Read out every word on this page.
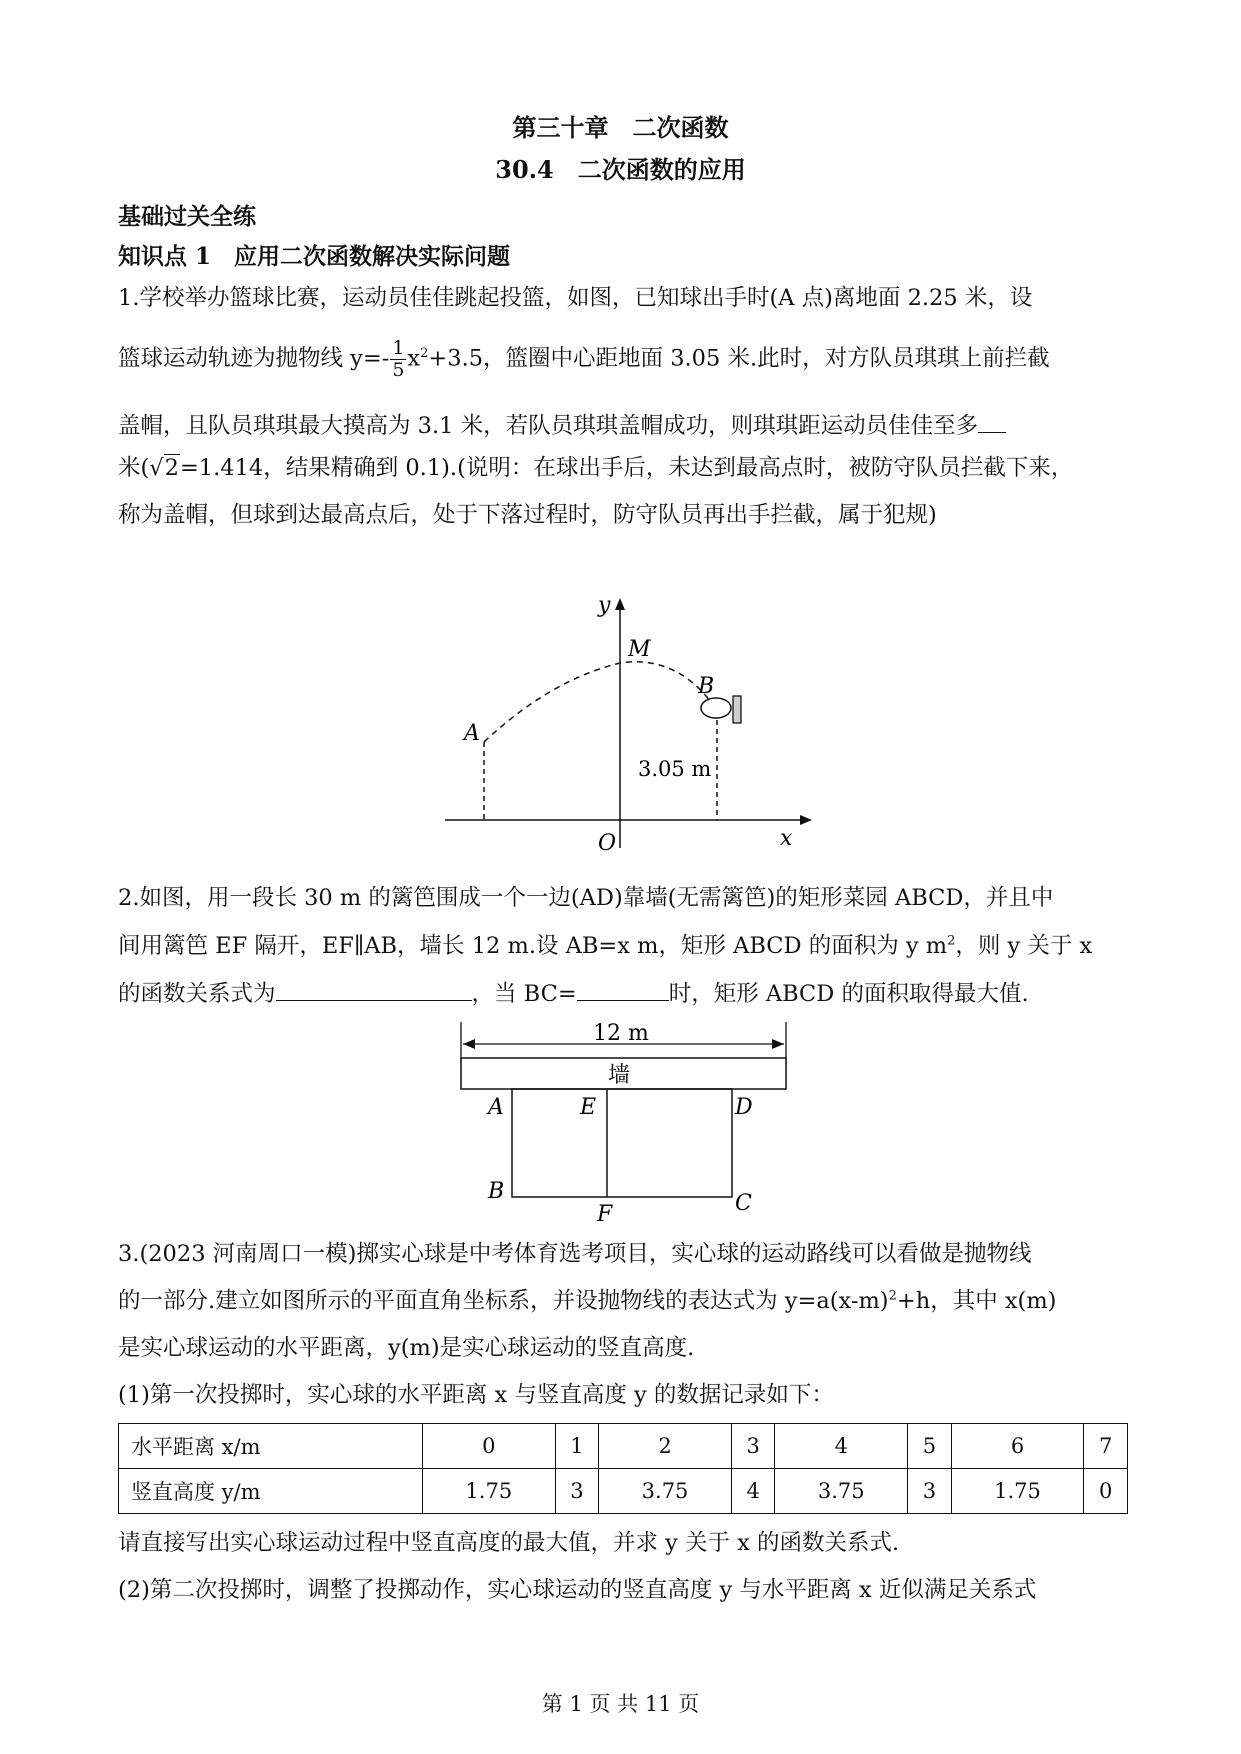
第三十章　二次函数
30.4　二次函数的应用
基础过关全练
知识点 1　应用二次函数解决实际问题
1.学校举办篮球比赛，运动员佳佳跳起投篮，如图，已知球出手时(A 点)离地面 2.25 米，设
篮球运动轨迹为抛物线 $y=- \frac{1}{5} x^2+3.5$，篮圈中心距地面 3.05 米.此时，对方队员琪琪上前拦截
盖帽，且队员琪琪最大摸高为 3.1 米，若队员琪琪盖帽成功，则琪琪距运动员佳佳至多
米(√2=1.414，结果精确到 0.1).(说明：在球出手后，未达到最高点时，被防守队员拦截下来，
称为盖帽，但球到达最高点后，处于下落过程时，防守队员再出手拦截，属于犯规)
y
x
O
M
A
B
3.05 m
2.如图，用一段长 30 m 的篱笆围成一个一边(AD)靠墙(无需篱笆)的矩形菜园 ABCD，并且中
间用篱笆 EF 隔开，EF∥AB，墙长 12 m.设 AB=x m，矩形 ABCD 的面积为 y $m^2$，则 y 关于 x
的函数关系式为	，当 BC=	时，矩形 ABCD 的面积取得最大值.
12 m
墙
A	E	D
B
F	C
3.(2023 河南周口一模)掷实心球是中考体育选考项目，实心球的运动路线可以看做是抛物线
的一部分.建立如图所示的平面直角坐标系，并设抛物线的表达式为 $y=a(x-m)^2+h$，其中 x(m)
是实心球运动的水平距离，y(m)是实心球运动的竖直高度.
(1)第一次投掷时，实心球的水平距离 x 与竖直高度 y 的数据记录如下：
水平距离 x/m	0	1	2	3	4	5	6	7
竖直高度 y/m	1.75	3	3.75	4	3.75	3	1.75	0
请直接写出实心球运动过程中竖直高度的最大值，并求 y 关于 x 的函数关系式.
(2)第二次投掷时，调整了投掷动作，实心球运动的竖直高度 y 与水平距离 x 近似满足关系式
第 1 页 共 11 页
